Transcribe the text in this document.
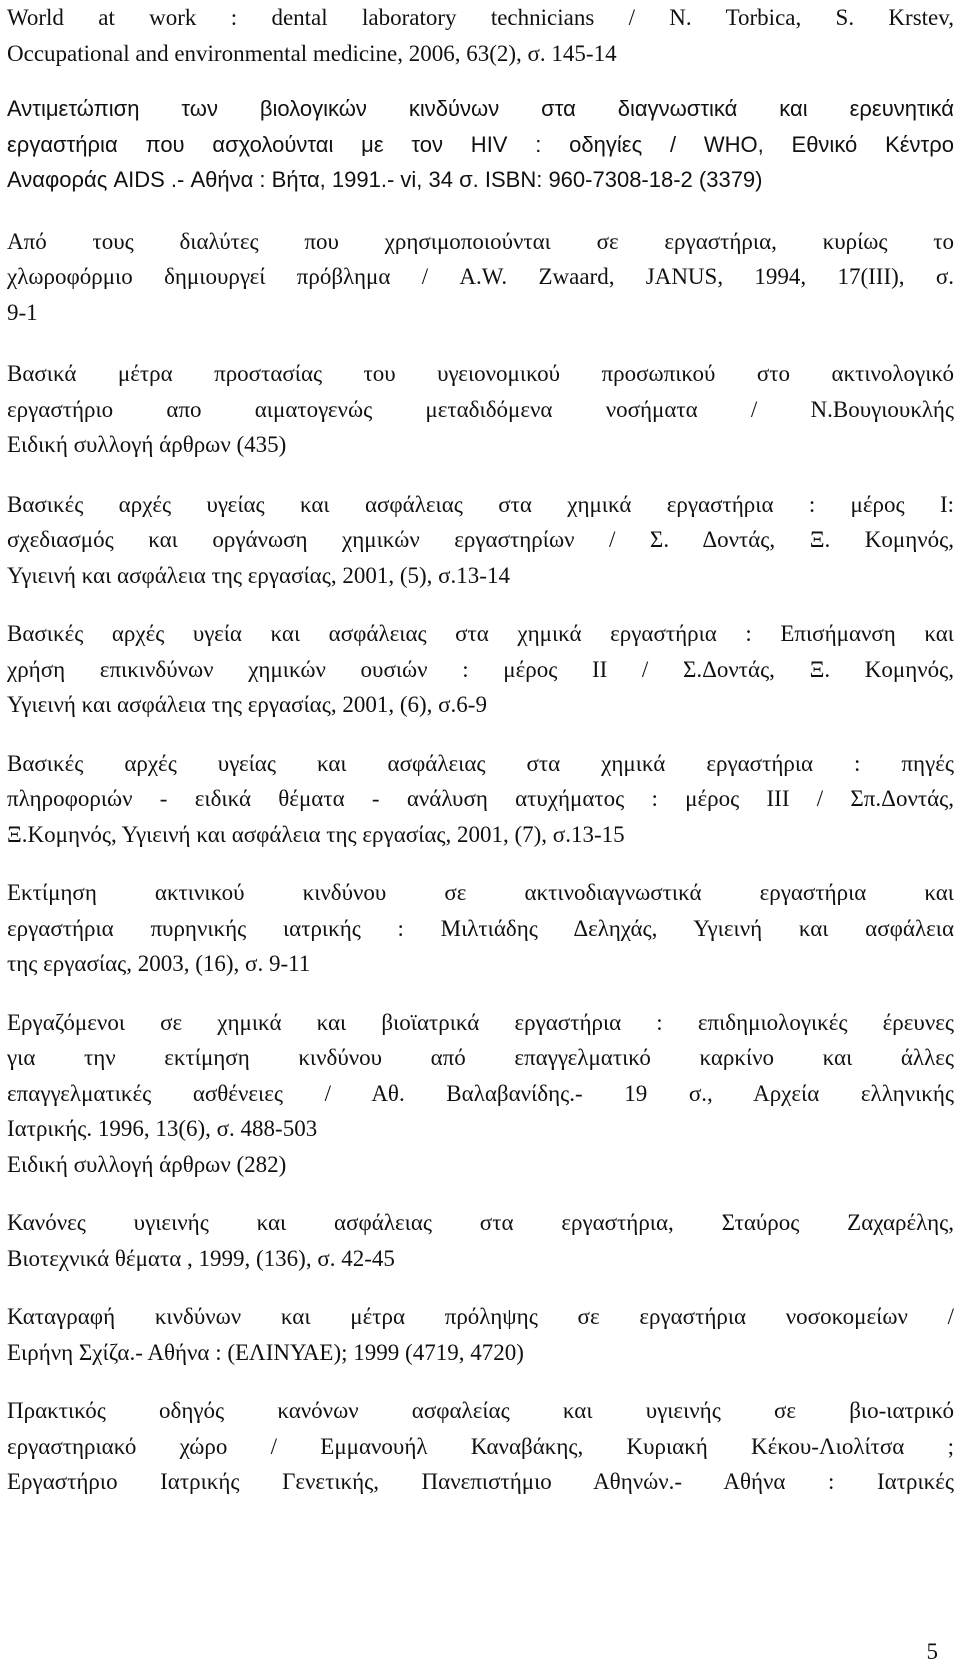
World at work : dental laboratory technicians / N. Torbica, S. Krstev,
Occupational and environmental medicine, 2006, 63(2), σ. 145-14
Αντιμετώπιση των βιολογικών κινδύνων στα διαγνωστικά και ερευνητικά
εργαστήρια που ασχολούνται με τον HIV : οδηγίες / WHO, Εθνικό Κέντρο
Αναφοράς AIDS .- Αθήνα : Βήτα, 1991.- vi, 34 σ. ISBN: 960-7308-18-2 (3379)
Από τους διαλύτες που χρησιμοποιούνται σε εργαστήρια, κυρίως το
χλωροφόρμιο δημιουργεί πρόβλημα / A.W. Zwaard, JANUS, 1994, 17(III), σ.
9-1
Βασικά μέτρα προστασίας του υγειονομικού προσωπικού στο ακτινολογικό
εργαστήριο απο αιματογενώς μεταδιδόμενα νοσήματα / Ν.Βουγιουκλής
Ειδική συλλογή άρθρων (435)
Βασικές αρχές υγείας και ασφάλειας στα χημικά εργαστήρια : μέρος Ι:
σχεδιασμός και οργάνωση χημικών εργαστηρίων / Σ. Δοντάς, Ξ. Κομηνός,
Υγιεινή και ασφάλεια της εργασίας, 2001, (5), σ.13-14
Βασικές αρχές υγεία και ασφάλειας στα χημικά εργαστήρια : Επισήμανση και
χρήση επικινδύνων χημικών ουσιών : μέρος ΙΙ / Σ.Δοντάς, Ξ. Κομηνός,
Υγιεινή και ασφάλεια της εργασίας, 2001, (6), σ.6-9
Βασικές αρχές υγείας και ασφάλειας στα χημικά εργαστήρια : πηγές
πληροφοριών - ειδικά θέματα - ανάλυση ατυχήματος : μέρος ΙΙΙ / Σπ.Δοντάς,
Ξ.Κομηνός, Υγιεινή και ασφάλεια της εργασίας, 2001, (7), σ.13-15
Εκτίμηση ακτινικού κινδύνου σε ακτινοδιαγνωστικά εργαστήρια και
εργαστήρια πυρηνικής ιατρικής : Μιλτιάδης Δεληχάς, Υγιεινή και ασφάλεια
της εργασίας, 2003, (16), σ. 9-11
Εργαζόμενοι σε χημικά και βιοϊατρικά εργαστήρια : επιδημιολογικές έρευνες
για την εκτίμηση κινδύνου από επαγγελματικό καρκίνο και άλλες
επαγγελματικές ασθένειες / Αθ. Βαλαβανίδης.- 19 σ., Αρχεία ελληνικής
Ιατρικής. 1996, 13(6), σ. 488-503
Ειδική συλλογή άρθρων (282)
Κανόνες υγιεινής και ασφάλειας στα εργαστήρια, Σταύρος Ζαχαρέλης,
Βιοτεχνικά θέματα , 1999, (136), σ. 42-45
Καταγραφή κινδύνων και μέτρα πρόληψης σε εργαστήρια νοσοκομείων /
Ειρήνη Σχίζα.- Αθήνα : (ΕΛΙΝΥΑΕ); 1999 (4719, 4720)
Πρακτικός οδηγός κανόνων ασφαλείας και υγιεινής σε βιο-ιατρικό
εργαστηριακό χώρο / Εμμανουήλ Καναβάκης, Κυριακή Κέκου-Λιολίτσα ;
Εργαστήριο Ιατρικής Γενετικής, Πανεπιστήμιο Αθηνών.- Αθήνα : Ιατρικές
5
